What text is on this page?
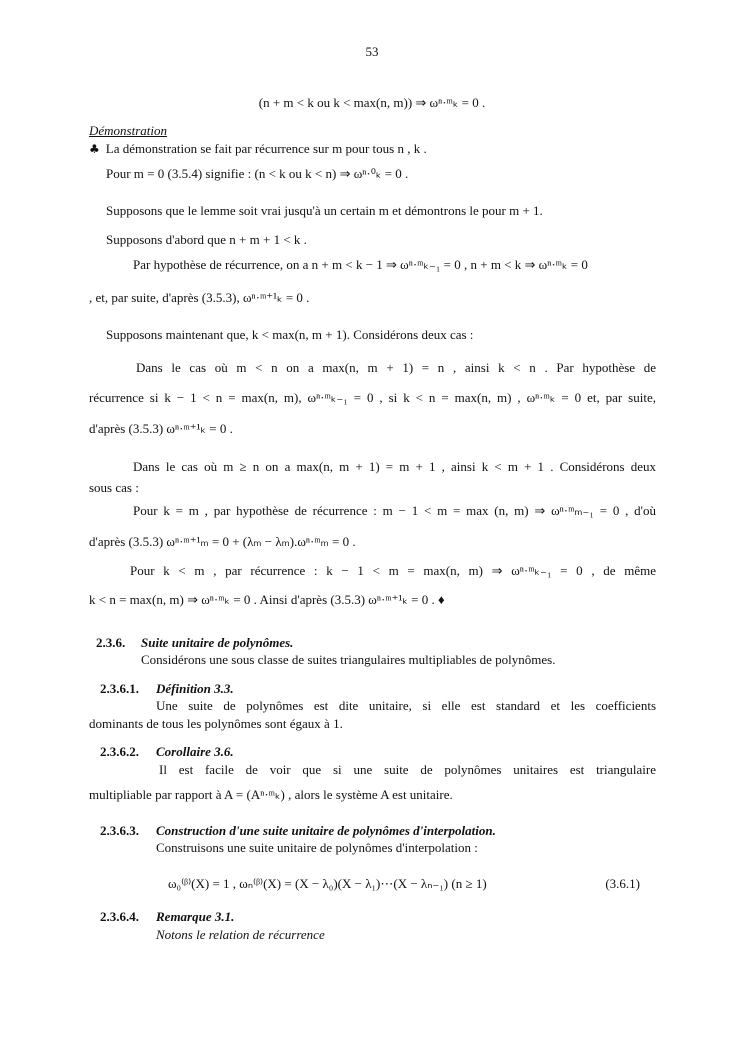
53
(n + m < k ou k < max(n, m)) ⇒ ωⁿ·ᵐₖ = 0 .
Démonstration
♣ La démonstration se fait par récurrence sur m pour tous n , k .
Pour m = 0 (3.5.4) signifie : (n < k ou k < n) ⇒ ωⁿ·⁰ₖ = 0 .
Supposons que le lemme soit vrai jusqu'à un certain m et démontrons le pour m + 1.
Supposons d'abord que n + m + 1 < k .
Par hypothèse de récurrence, on a n + m < k − 1 ⇒ ωⁿ·ᵐₖ₋₁ = 0 , n + m < k ⇒ ωⁿ·ᵐₖ = 0
, et, par suite, d'après (3.5.3), ωⁿ·ᵐ⁺¹ₖ = 0 .
Supposons maintenant que, k < max(n, m + 1). Considérons deux cas :
Dans le cas où m < n on a max(n, m + 1) = n , ainsi k < n . Par hypothèse de
récurrence si k − 1 < n = max(n, m), ωⁿ·ᵐₖ₋₁ = 0 , si k < n = max(n, m) , ωⁿ·ᵐₖ = 0 et, par suite,
d'après (3.5.3) ωⁿ·ᵐ⁺¹ₖ = 0 .
Dans le cas où m ≥ n on a max(n, m + 1) = m + 1 , ainsi k < m + 1 . Considérons deux
sous cas :
Pour k = m , par hypothèse de récurrence : m − 1 < m = max (n, m) ⇒ ωⁿ·ᵐₘ₋₁ = 0 , d'où
d'après (3.5.3) ωⁿ·ᵐ⁺¹ₘ = 0 + (λₘ − λₘ).ωⁿ·ᵐₘ = 0 .
Pour k < m , par récurrence : k − 1 < m = max(n, m) ⇒ ωⁿ·ᵐₖ₋₁ = 0 , de même
k < n = max(n, m) ⇒ ωⁿ·ᵐₖ = 0 . Ainsi d'après (3.5.3) ωⁿ·ᵐ⁺¹ₖ = 0 . ♦
2.3.6. Suite unitaire de polynômes.
Considérons une sous classe de suites triangulaires multipliables de polynômes.
2.3.6.1. Définition 3.3.
Une suite de polynômes est dite unitaire, si elle est standard et les coefficients
dominants de tous les polynômes sont égaux à 1.
2.3.6.2. Corollaire 3.6.
Il est facile de voir que si une suite de polynômes unitaires est triangulaire
multipliable par rapport à A = (Aⁿ·ᵐₖ) , alors le système A est unitaire.
2.3.6.3. Construction d'une suite unitaire de polynômes d'interpolation.
Construisons une suite unitaire de polynômes d'interpolation :
ω₀⁽ᵝ⁾(X) = 1 , ωₙ⁽ᵝ⁾(X) = (X − λ₀)(X − λ₁)⋯(X − λₙ₋₁) (n ≥ 1)	(3.6.1)
2.3.6.4. Remarque 3.1.
Notons le relation de récurrence
